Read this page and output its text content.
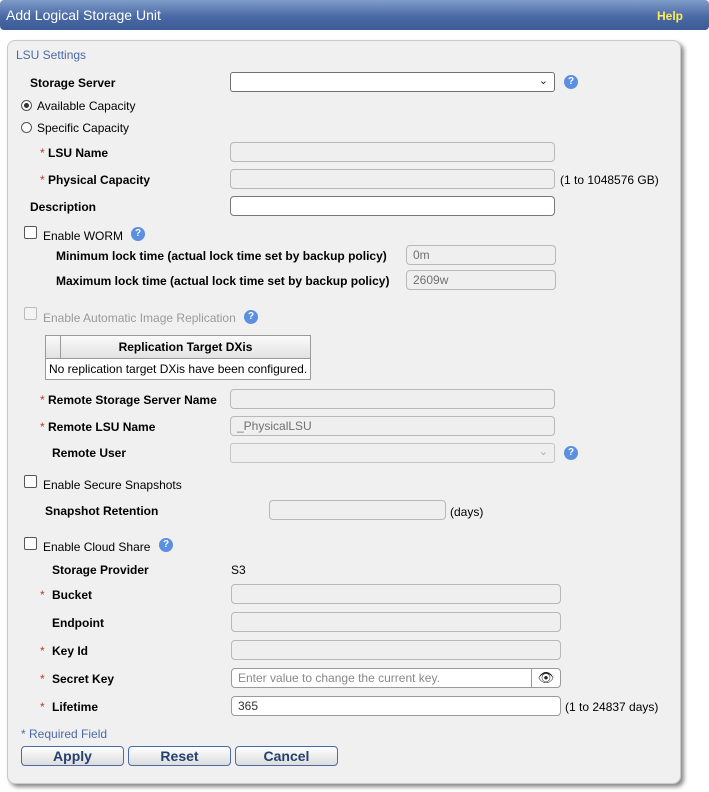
Add Logical Storage Unit	Help
LSU Settings
Storage Server	⌄	?
Available Capacity
Specific Capacity
* LSU Name
* Physical Capacity	(1 to 1048576 GB)
Description
Enable WORM	?
Minimum lock time (actual lock time set by backup policy)	0m
Maximum lock time (actual lock time set by backup policy)	2609w
Enable Automatic Image Replication	?
Replication Target DXis
No replication target DXis have been configured.
* Remote Storage Server Name
* Remote LSU Name	_PhysicalLSU
Remote User	⌄	?
Enable Secure Snapshots
Snapshot Retention	(days)
Enable Cloud Share	?
Storage Provider	S3
* Bucket
Endpoint
* Key Id
* Secret Key	Enter value to change the current key.	👁
* Lifetime	365	(1 to 24837 days)
* Required Field
Apply	Reset	Cancel
